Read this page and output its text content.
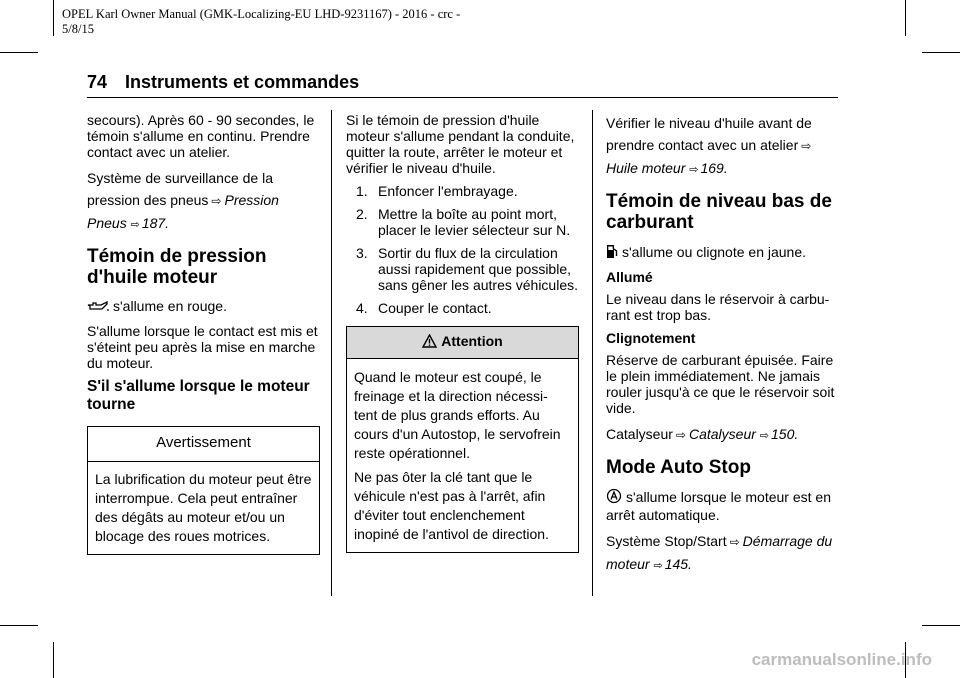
OPEL Karl Owner Manual (GMK-Localizing-EU LHD-9231167) - 2016 - crc -
5/8/15
74 Instruments et commandes

secours). Après 60 - 90 secondes, le témoin s'allume en continu. Prendre contact avec un atelier.

Système de surveillance de la pression des pneus ⇨ Pression Pneus ⇨ 187.

Témoin de pression d'huile moteur

s'allume en rouge.

S'allume lorsque le contact est mis et s'éteint peu après la mise en marche du moteur.

S'il s'allume lorsque le moteur tourne
Avertissement
La lubrification du moteur peut être interrompue. Cela peut entraîner des dégâts au moteur et/ou un blocage des roues motrices.

Si le témoin de pression d'huile moteur s'allume pendant la conduite, quitter la route, arrêter le moteur et vérifier le niveau d'huile.

1. Enfoncer l'embrayage.
2. Mettre la boîte au point mort, placer le levier sélecteur sur N.
3. Sortir du flux de la circulation aussi rapidement que possible, sans gêner les autres véhicules.
4. Couper le contact.
Attention

Quand le moteur est coupé, le freinage et la direction nécessi-tent de plus grands efforts. Au cours d'un Autostop, le servofrein reste opérationnel.

Ne pas ôter la clé tant que le véhicule n'est pas à l'arrêt, afin d'éviter tout enclenchement inopiné de l'antivol de direction.

Vérifier le niveau d'huile avant de prendre contact avec un atelier ⇨Huile moteur ⇨ 169.

Témoin de niveau bas de carburant

s'allume ou clignote en jaune.

Allumé

Le niveau dans le réservoir à carbu-rant est trop bas.

Clignotement

Réserve de carburant épuisée. Faire le plein immédiatement. Ne jamais rouler jusqu'à ce que le réservoir soit vide.

Catalyseur ⇨ Catalyseur ⇨ 150.

Mode Auto Stop

s'allume lorsque le moteur est en arrêt automatique.

Système Stop/Start ⇨ Démarrage du moteur ⇨ 145.

carmanualsonline.info
